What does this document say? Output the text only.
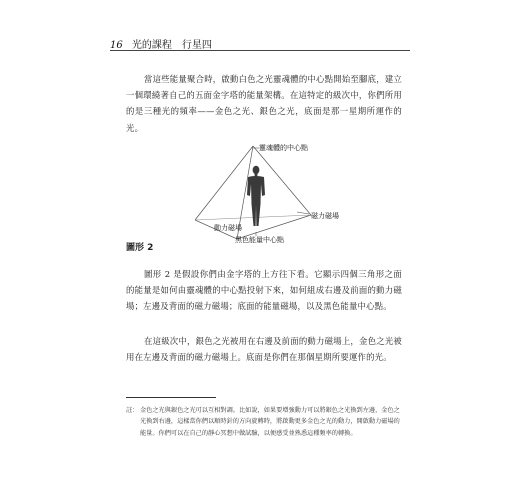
16 光的課程　行星四

當這些能量聚合時，啟動白色之光靈魂體的中心點開始至腳底，建立一個環繞著自己的五面金字塔的能量架構。在這特定的級次中，你們所用的是三種光的頻率——金色之光、銀色之光，底面是那一星期所運作的光。

靈魂體的中心點
磁力磁場
動力磁場
黑色能量中心點
圖形 2

圖形 2 是假設你們由金字塔的上方往下看。它顯示四個三角形之面的能量是如何由靈魂體的中心點投射下來，如何組成右邊及前面的動力磁場；左邊及背面的磁力磁場；底面的能量磁場，以及黑色能量中心點。

在這級次中，銀色之光被用在右邊及前面的動力磁場上，金色之光被用在左邊及背面的磁力磁場上。底面是你們在那個星期所要運作的光。

註： 金色之光與銀色之光可以互相對調。比如說，如果要增強動力可以將銀色之光換到左邊，金色之光換到右邊，這樣當你們以順時針的方向旋轉時，將啟動更多金色之光的動力，開啟動力磁場的能量。你們可以在自己的靜心冥想中做試驗，以便感受並熟悉這種頻率的轉換。
